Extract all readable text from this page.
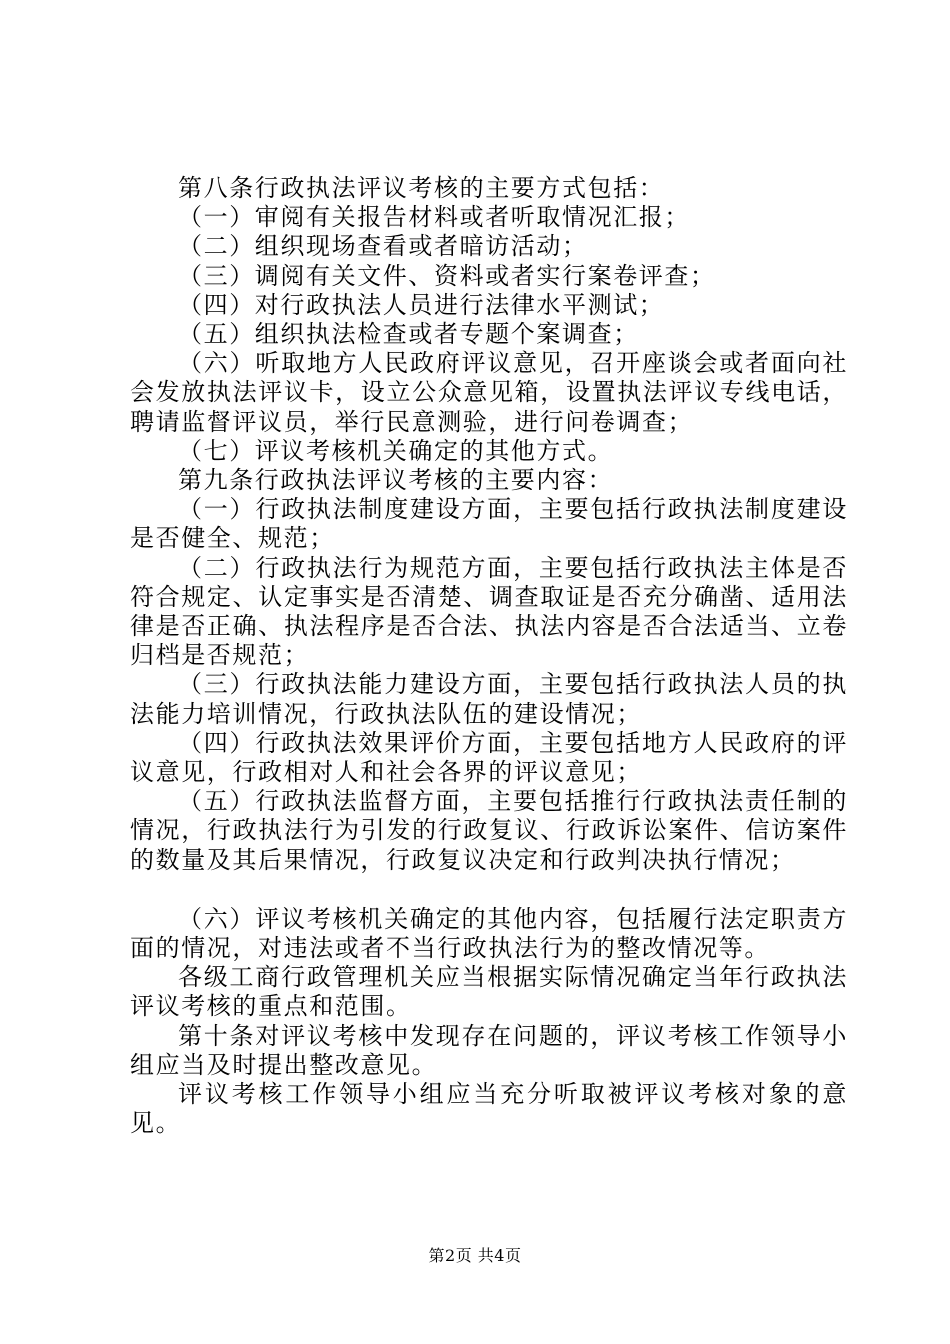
第八条行政执法评议考核的主要方式包括：

（一）审阅有关报告材料或者听取情况汇报；

（二）组织现场查看或者暗访活动；

（三）调阅有关文件、资料或者实行案卷评查；

（四）对行政执法人员进行法律水平测试；

（五）组织执法检查或者专题个案调查；

（六）听取地方人民政府评议意见，召开座谈会或者面向社会发放执法评议卡，设立公众意见箱，设置执法评议专线电话，聘请监督评议员，举行民意测验，进行问卷调查；

（七）评议考核机关确定的其他方式。

第九条行政执法评议考核的主要内容：

（一）行政执法制度建设方面，主要包括行政执法制度建设是否健全、规范；

（二）行政执法行为规范方面，主要包括行政执法主体是否符合规定、认定事实是否清楚、调查取证是否充分确凿、适用法律是否正确、执法程序是否合法、执法内容是否合法适当、立卷归档是否规范；

（三）行政执法能力建设方面，主要包括行政执法人员的执法能力培训情况，行政执法队伍的建设情况；

（四）行政执法效果评价方面，主要包括地方人民政府的评议意见，行政相对人和社会各界的评议意见；

（五）行政执法监督方面，主要包括推行行政执法责任制的情况，行政执法行为引发的行政复议、行政诉讼案件、信访案件的数量及其后果情况，行政复议决定和行政判决执行情况；

（六）评议考核机关确定的其他内容，包括履行法定职责方面的情况，对违法或者不当行政执法行为的整改情况等。

各级工商行政管理机关应当根据实际情况确定当年行政执法评议考核的重点和范围。

第十条对评议考核中发现存在问题的，评议考核工作领导小组应当及时提出整改意见。

评议考核工作领导小组应当充分听取被评议考核对象的意见。

第2页 共4页
